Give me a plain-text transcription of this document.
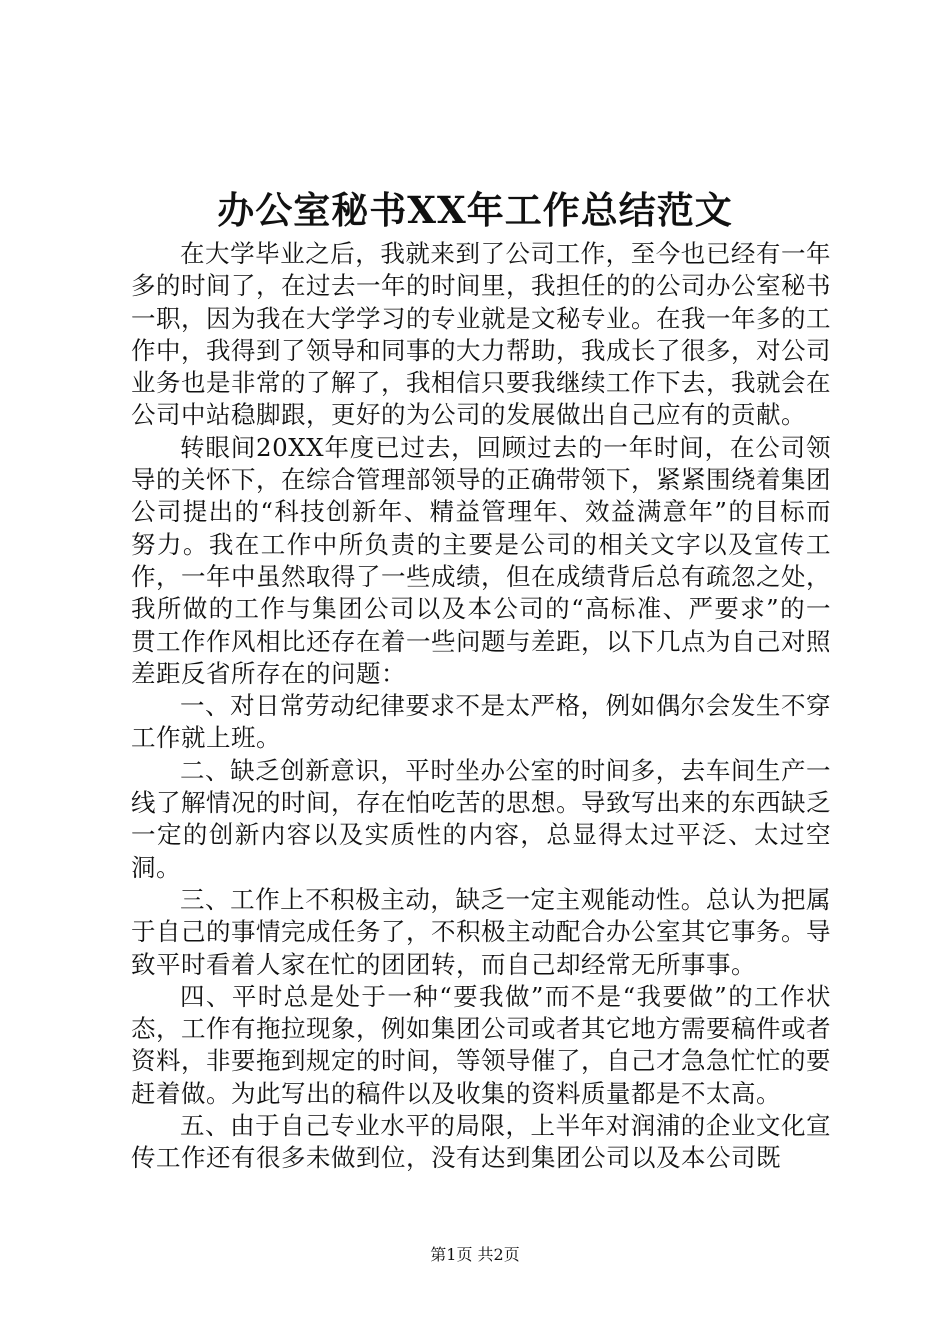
办公室秘书XX年工作总结范文

在大学毕业之后，我就来到了公司工作，至今也已经有一年多的时间了，在过去一年的时间里，我担任的的公司办公室秘书一职，因为我在大学学习的专业就是文秘专业。在我一年多的工作中，我得到了领导和同事的大力帮助，我成长了很多，对公司业务也是非常的了解了，我相信只要我继续工作下去，我就会在公司中站稳脚跟，更好的为公司的发展做出自己应有的贡献。

转眼间20XX年度已过去，回顾过去的一年时间，在公司领导的关怀下，在综合管理部领导的正确带领下，紧紧围绕着集团公司提出的“科技创新年、精益管理年、效益满意年”的目标而努力。我在工作中所负责的主要是公司的相关文字以及宣传工作，一年中虽然取得了一些成绩，但在成绩背后总有疏忽之处，我所做的工作与集团公司以及本公司的“高标准、严要求”的一贯工作作风相比还存在着一些问题与差距，以下几点为自己对照差距反省所存在的问题：

一、对日常劳动纪律要求不是太严格，例如偶尔会发生不穿工作就上班。

二、缺乏创新意识，平时坐办公室的时间多，去车间生产一线了解情况的时间，存在怕吃苦的思想。导致写出来的东西缺乏一定的创新内容以及实质性的内容，总显得太过平泛、太过空洞。

三、工作上不积极主动，缺乏一定主观能动性。总认为把属于自己的事情完成任务了，不积极主动配合办公室其它事务。导致平时看着人家在忙的团团转，而自己却经常无所事事。

四、平时总是处于一种“要我做”而不是“我要做”的工作状态，工作有拖拉现象，例如集团公司或者其它地方需要稿件或者资料，非要拖到规定的时间，等领导催了，自己才急急忙忙的要赶着做。为此写出的稿件以及收集的资料质量都是不太高。

五、由于自己专业水平的局限，上半年对润浦的企业文化宣传工作还有很多未做到位，没有达到集团公司以及本公司既

第1页 共2页
